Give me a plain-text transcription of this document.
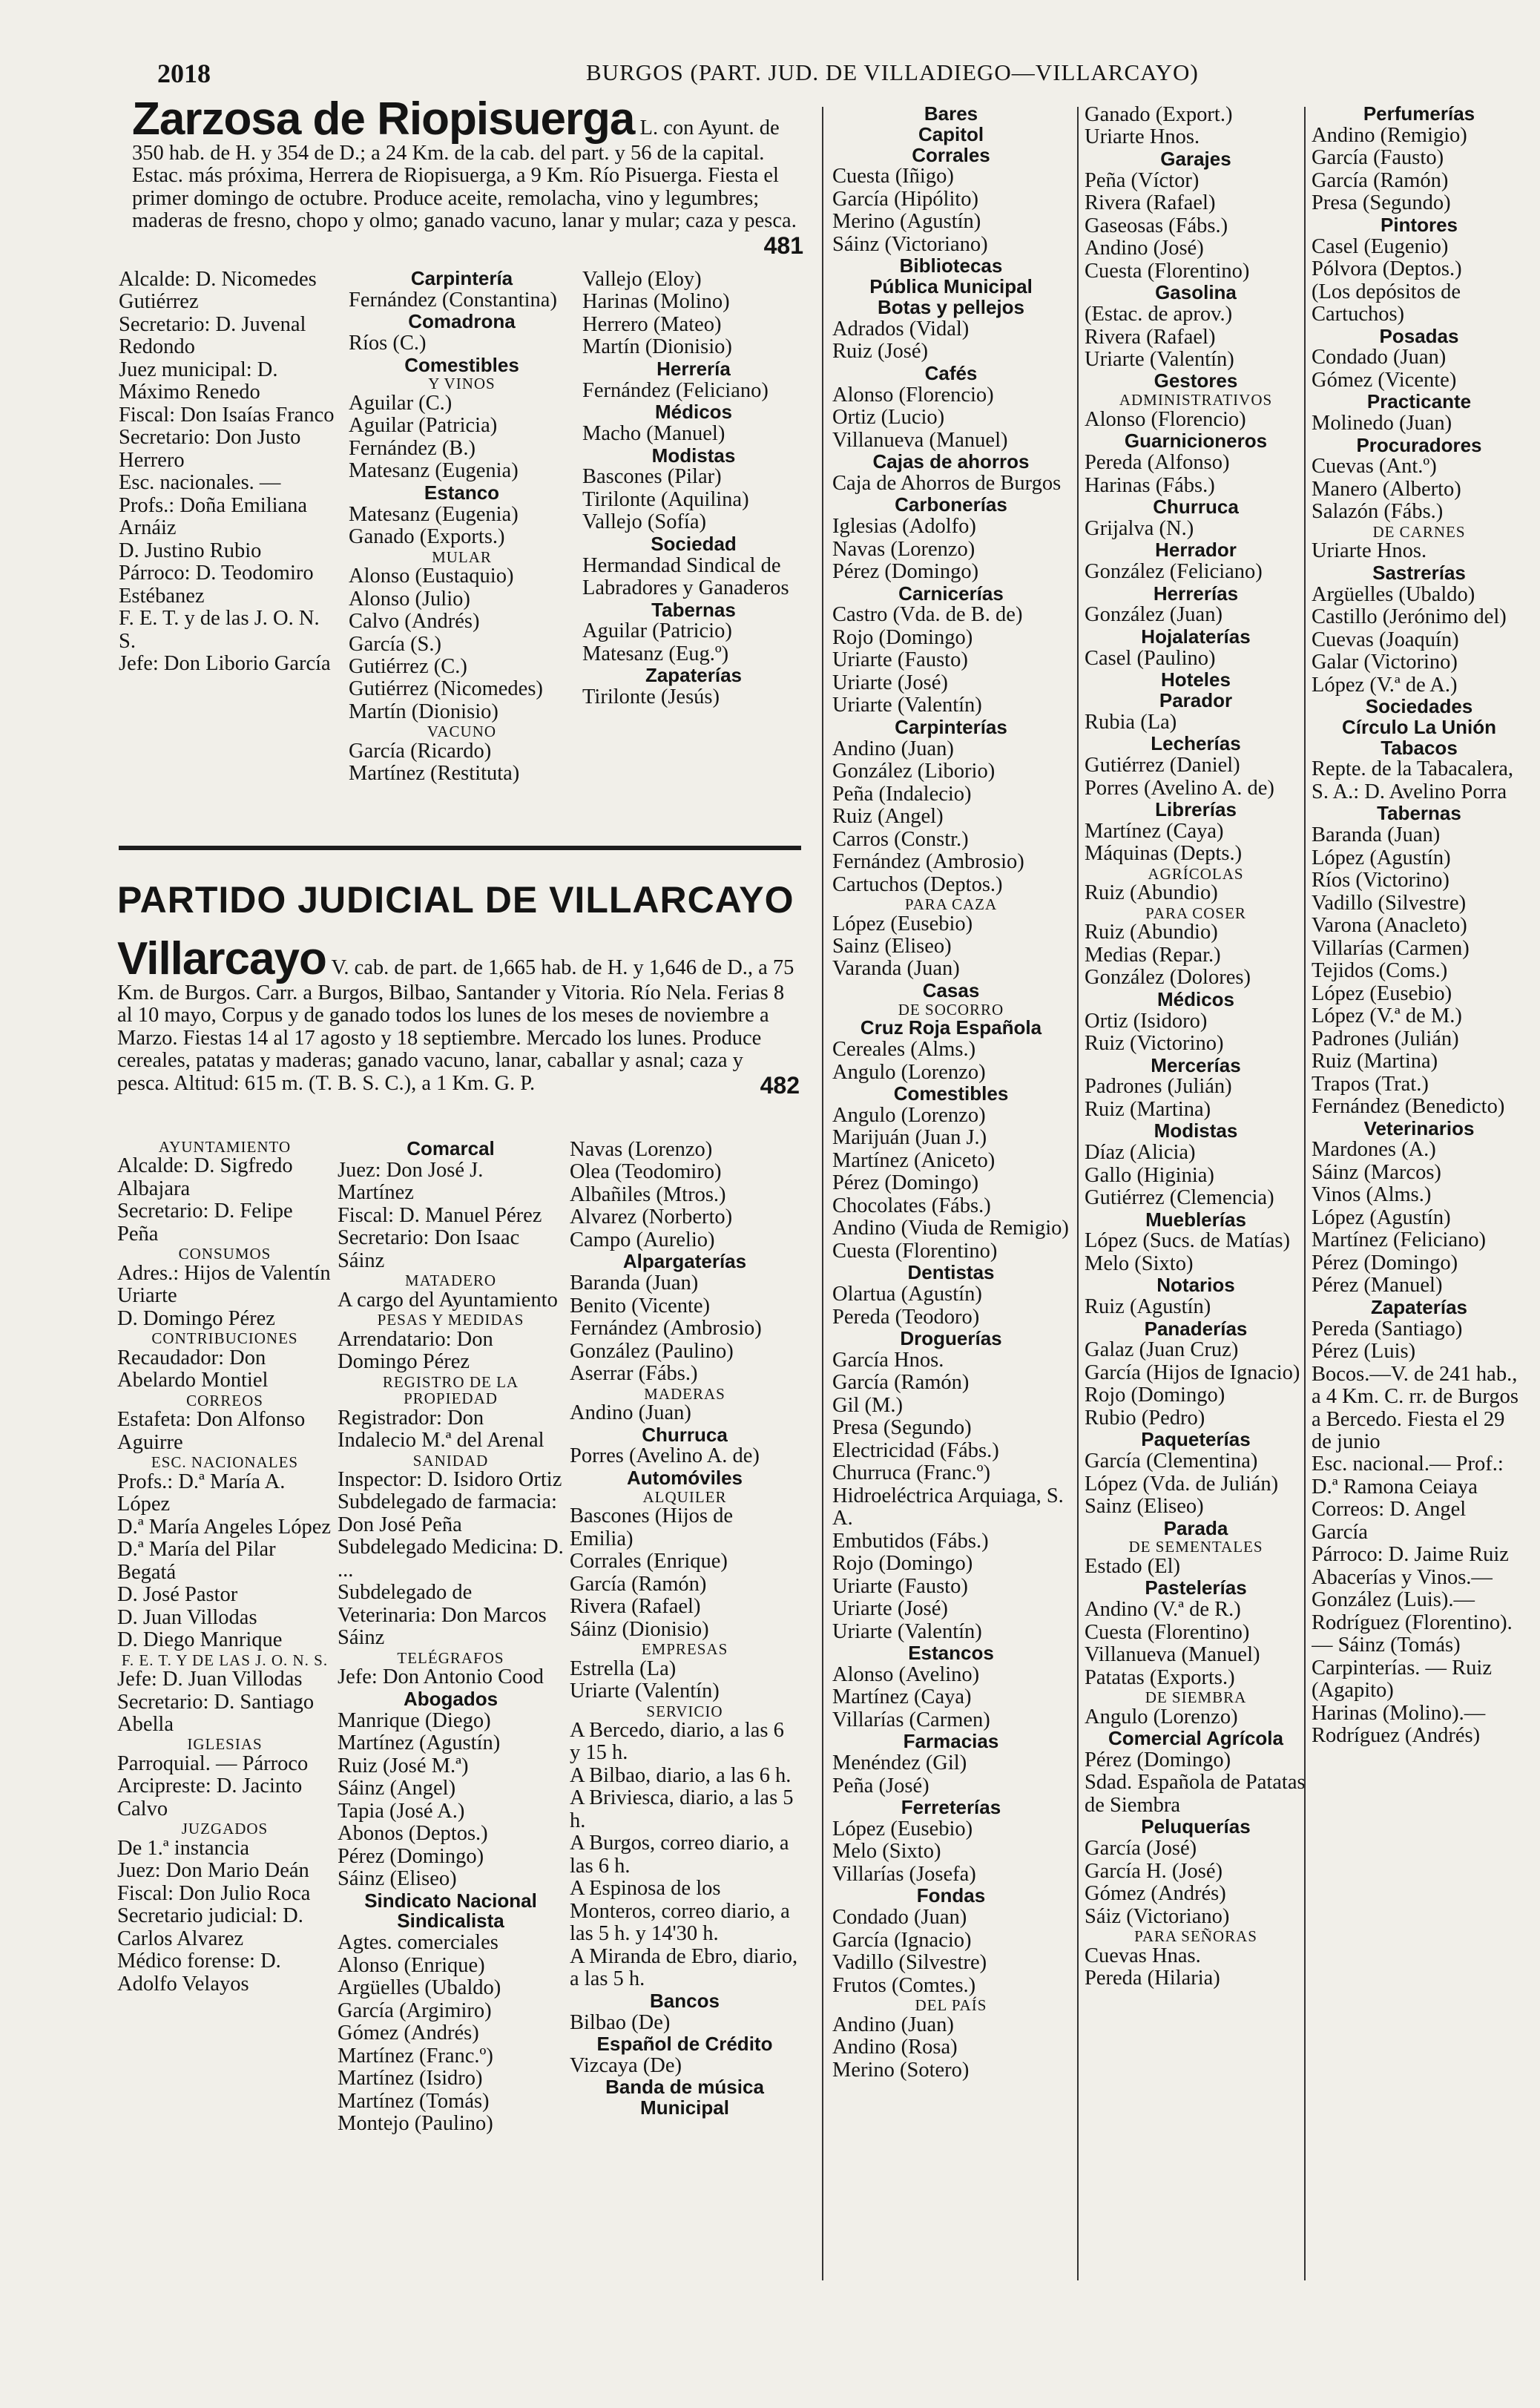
2018	BURGOS (PART. JUD. DE VILLADIEGO—VILLARCAYO)
Zarzosa de Riopisuerga L. con Ayunt. de 350 hab. de H. y 354 de D.; a 24 Km. de la cab. del part. y 56 de la capital. Estac. más próxima, Herrera de Riopisuerga, a 9 Km. Río Pisuerga. Fiesta el primer domingo de octubre. Produce aceite, remolacha, vino y legumbres; maderas de fresno, chopo y olmo; ganado vacuno, lanar y mular; caza y pesca.
481

Alcalde: D. Nicomedes Gutiérrez

Secretario: D. Juvenal Redondo

Juez municipal: D. Máximo Renedo

Fiscal: Don Isaías Franco

Secretario: Don Justo Herrero

Esc. nacionales. — Profs.: Doña Emiliana Arnáiz

D. Justino Rubio

Párroco: D. Teodomiro Estébanez

F. E. T. y de las J. O. N. S.

Jefe: Don Liborio García

Carpintería

Fernández (Constantina)

Comadrona

Ríos (C.)

Comestibles

Y VINOS

Aguilar (C.)

Aguilar (Patricia)

Fernández (B.)

Matesanz (Eugenia)

Estanco

Matesanz (Eugenia)

Ganado (Exports.)

MULAR

Alonso (Eustaquio)

Alonso (Julio)

Calvo (Andrés)

García (S.)

Gutiérrez (C.)

Gutiérrez (Nicomedes)

Martín (Dionisio)

VACUNO

García (Ricardo)

Martínez (Restituta)

Vallejo (Eloy)

Harinas (Molino)

Herrero (Mateo)

Martín (Dionisio)

Herrería

Fernández (Feliciano)

Médicos

Macho (Manuel)

Modistas

Bascones (Pilar)

Tirilonte (Aquilina)

Vallejo (Sofía)

Sociedad

Hermandad Sindical de Labradores y Ganaderos

Tabernas

Aguilar (Patricio)

Matesanz (Eug.º)

Zapaterías

Tirilonte (Jesús)

PARTIDO JUDICIAL DE VILLARCAYO
Villarcayo V. cab. de part. de 1,665 hab. de H. y 1,646 de D., a 75 Km. de Burgos. Carr. a Burgos, Bilbao, Santander y Vitoria. Río Nela. Ferias 8 al 10 mayo, Corpus y de ganado todos los lunes de los meses de noviembre a Marzo. Fiestas 14 al 17 agosto y 18 septiembre. Mercado los lunes. Produce cereales, patatas y maderas; ganado vacuno, lanar, caballar y asnal; caza y pesca. Altitud: 615 m. (T. B. S. C.), a 1 Km. G. P.	482

AYUNTAMIENTO

Alcalde: D. Sigfredo Albajara

Secretario: D. Felipe Peña

CONSUMOS

Adres.: Hijos de Valentín Uriarte

D. Domingo Pérez

CONTRIBUCIONES

Recaudador: Don Abelardo Montiel

CORREOS

Estafeta: Don Alfonso Aguirre

ESC. NACIONALES

Profs.: D.ª María A. López

D.ª María Angeles López

D.ª María del Pilar Begatá

D. José Pastor

D. Juan Villodas

D. Diego Manrique

F. E. T. Y DE LAS J. O. N. S.

Jefe: D. Juan Villodas

Secretario: D. Santiago Abella

IGLESIAS

Parroquial. — Párroco Arcipreste: D. Jacinto Calvo

JUZGADOS

De 1.ª instancia

Juez: Don Mario Deán

Fiscal: Don Julio Roca

Secretario judicial: D. Carlos Alvarez

Médico forense: D. Adolfo Velayos

Comarcal

Juez: Don José J. Martínez

Fiscal: D. Manuel Pérez

Secretario: Don Isaac Sáinz

MATADERO

A cargo del Ayuntamiento

PESAS Y MEDIDAS

Arrendatario: Don Domingo Pérez

REGISTRO DE LA PROPIEDAD

Registrador: Don Indalecio M.ª del Arenal

SANIDAD

Inspector: D. Isidoro Ortiz

Subdelegado de farmacia: Don José Peña

Subdelegado Medicina: D. ...

Subdelegado de Veterinaria: Don Marcos Sáinz

TELÉGRAFOS

Jefe: Don Antonio Cood

Abogados

Manrique (Diego)

Martínez (Agustín)

Ruiz (José M.ª)

Sáinz (Angel)

Tapia (José A.)

Abonos (Deptos.)

Pérez (Domingo)

Sáinz (Eliseo)

Sindicato Nacional Sindicalista

Agtes. comerciales

Alonso (Enrique)

Argüelles (Ubaldo)

García (Argimiro)

Gómez (Andrés)

Martínez (Franc.º)

Martínez (Isidro)

Martínez (Tomás)

Montejo (Paulino)

Navas (Lorenzo)

Olea (Teodomiro)

Albañiles (Mtros.)

Alvarez (Norberto)

Campo (Aurelio)

Alpargaterías

Baranda (Juan)

Benito (Vicente)

Fernández (Ambrosio)

González (Paulino)

Aserrar (Fábs.)

MADERAS

Andino (Juan)

Churruca

Porres (Avelino A. de)

Automóviles

ALQUILER

Bascones (Hijos de Emilia)

Corrales (Enrique)

García (Ramón)

Rivera (Rafael)

Sáinz (Dionisio)

EMPRESAS

Estrella (La)

Uriarte (Valentín)

SERVICIO

A Bercedo, diario, a las 6 y 15 h.

A Bilbao, diario, a las 6 h.

A Briviesca, diario, a las 5 h.

A Burgos, correo diario, a las 6 h.

A Espinosa de los Monteros, correo diario, a las 5 h. y 14'30 h.

A Miranda de Ebro, diario, a las 5 h.

Bancos

Bilbao (De)

Español de Crédito

Vizcaya (De)

Banda de música

Municipal

Bares

Capitol

Corrales

Cuesta (Iñigo)

García (Hipólito)

Merino (Agustín)

Sáinz (Victoriano)

Bibliotecas

Pública Municipal

Botas y pellejos

Adrados (Vidal)

Ruiz (José)

Cafés

Alonso (Florencio)

Ortiz (Lucio)

Villanueva (Manuel)

Cajas de ahorros

Caja de Ahorros de Burgos

Carbonerías

Iglesias (Adolfo)

Navas (Lorenzo)

Pérez (Domingo)

Carnicerías

Castro (Vda. de B. de)

Rojo (Domingo)

Uriarte (Fausto)

Uriarte (José)

Uriarte (Valentín)

Carpinterías

Andino (Juan)

González (Liborio)

Peña (Indalecio)

Ruiz (Angel)

Carros (Constr.)

Fernández (Ambrosio)

Cartuchos (Deptos.)

PARA CAZA

López (Eusebio)

Sainz (Eliseo)

Varanda (Juan)

Casas

DE SOCORRO

Cruz Roja Española

Cereales (Alms.)

Angulo (Lorenzo)

Comestibles

Angulo (Lorenzo)

Marijuán (Juan J.)

Martínez (Aniceto)

Pérez (Domingo)

Chocolates (Fábs.)

Andino (Viuda de Remigio)

Cuesta (Florentino)

Dentistas

Olartua (Agustín)

Pereda (Teodoro)

Droguerías

García Hnos.

García (Ramón)

Gil (M.)

Presa (Segundo)

Electricidad (Fábs.)

Churruca (Franc.º)

Hidroeléctrica Arquiaga, S. A.

Embutidos (Fábs.)

Rojo (Domingo)

Uriarte (Fausto)

Uriarte (José)

Uriarte (Valentín)

Estancos

Alonso (Avelino)

Martínez (Caya)

Villarías (Carmen)

Farmacias

Menéndez (Gil)

Peña (José)

Ferreterías

López (Eusebio)

Melo (Sixto)

Villarías (Josefa)

Fondas

Condado (Juan)

García (Ignacio)

Vadillo (Silvestre)

Frutos (Comtes.)

DEL PAÍS

Andino (Juan)

Andino (Rosa)

Merino (Sotero)

Ganado (Export.)

Uriarte Hnos.

Garajes

Peña (Víctor)

Rivera (Rafael)

Gaseosas (Fábs.)

Andino (José)

Cuesta (Florentino)

Gasolina

(Estac. de aprov.)

Rivera (Rafael)

Uriarte (Valentín)

Gestores

ADMINISTRATIVOS

Alonso (Florencio)

Guarnicioneros

Pereda (Alfonso)

Harinas (Fábs.)

Churruca

Grijalva (N.)

Herrador

González (Feliciano)

Herrerías

González (Juan)

Hojalaterías

Casel (Paulino)

Hoteles

Parador

Rubia (La)

Lecherías

Gutiérrez (Daniel)

Porres (Avelino A. de)

Librerías

Martínez (Caya)

Máquinas (Depts.)

AGRÍCOLAS

Ruiz (Abundio)

PARA COSER

Ruiz (Abundio)

Medias (Repar.)

González (Dolores)

Médicos

Ortiz (Isidoro)

Ruiz (Victorino)

Mercerías

Padrones (Julián)

Ruiz (Martina)

Modistas

Díaz (Alicia)

Gallo (Higinia)

Gutiérrez (Clemencia)

Mueblerías

López (Sucs. de Matías)

Melo (Sixto)

Notarios

Ruiz (Agustín)

Panaderías

Galaz (Juan Cruz)

García (Hijos de Ignacio)

Rojo (Domingo)

Rubio (Pedro)

Paqueterías

García (Clementina)

López (Vda. de Julián)

Sainz (Eliseo)

Parada

DE SEMENTALES

Estado (El)

Pastelerías

Andino (V.ª de R.)

Cuesta (Florentino)

Villanueva (Manuel)

Patatas (Exports.)

DE SIEMBRA

Angulo (Lorenzo)

Comercial Agrícola

Pérez (Domingo)

Sdad. Española de Patatas de Siembra

Peluquerías

García (José)

García H. (José)

Gómez (Andrés)

Sáiz (Victoriano)

PARA SEÑORAS

Cuevas Hnas.

Pereda (Hilaria)

Perfumerías

Andino (Remigio)

García (Fausto)

García (Ramón)

Presa (Segundo)

Pintores

Casel (Eugenio)

Pólvora (Deptos.)

(Los depósitos de Cartuchos)

Posadas

Condado (Juan)

Gómez (Vicente)

Practicante

Molinedo (Juan)

Procuradores

Cuevas (Ant.º)

Manero (Alberto)

Salazón (Fábs.)

DE CARNES

Uriarte Hnos.

Sastrerías

Argüelles (Ubaldo)

Castillo (Jerónimo del)

Cuevas (Joaquín)

Galar (Victorino)

López (V.ª de A.)

Sociedades

Círculo La Unión

Tabacos

Repte. de la Tabacalera, S. A.: D. Avelino Porra

Tabernas

Baranda (Juan)

López (Agustín)

Ríos (Victorino)

Vadillo (Silvestre)

Varona (Anacleto)

Villarías (Carmen)

Tejidos (Coms.)

López (Eusebio)

López (V.ª de M.)

Padrones (Julián)

Ruiz (Martina)

Trapos (Trat.)

Fernández (Benedicto)

Veterinarios

Mardones (A.)

Sáinz (Marcos)

Vinos (Alms.)

López (Agustín)

Martínez (Feliciano)

Pérez (Domingo)

Pérez (Manuel)

Zapaterías

Pereda (Santiago)

Pérez (Luis)

Bocos.—V. de 241 hab., a 4 Km. C. rr. de Burgos a Bercedo. Fiesta el 29 de junio

Esc. nacional.— Prof.: D.ª Ramona Ceiaya

Correos: D. Angel García

Párroco: D. Jaime Ruiz

Abacerías y Vinos.— González (Luis).—Rodríguez (Florentino). — Sáinz (Tomás)

Carpinterías. — Ruiz (Agapito)

Harinas (Molino).— Rodríguez (Andrés)
